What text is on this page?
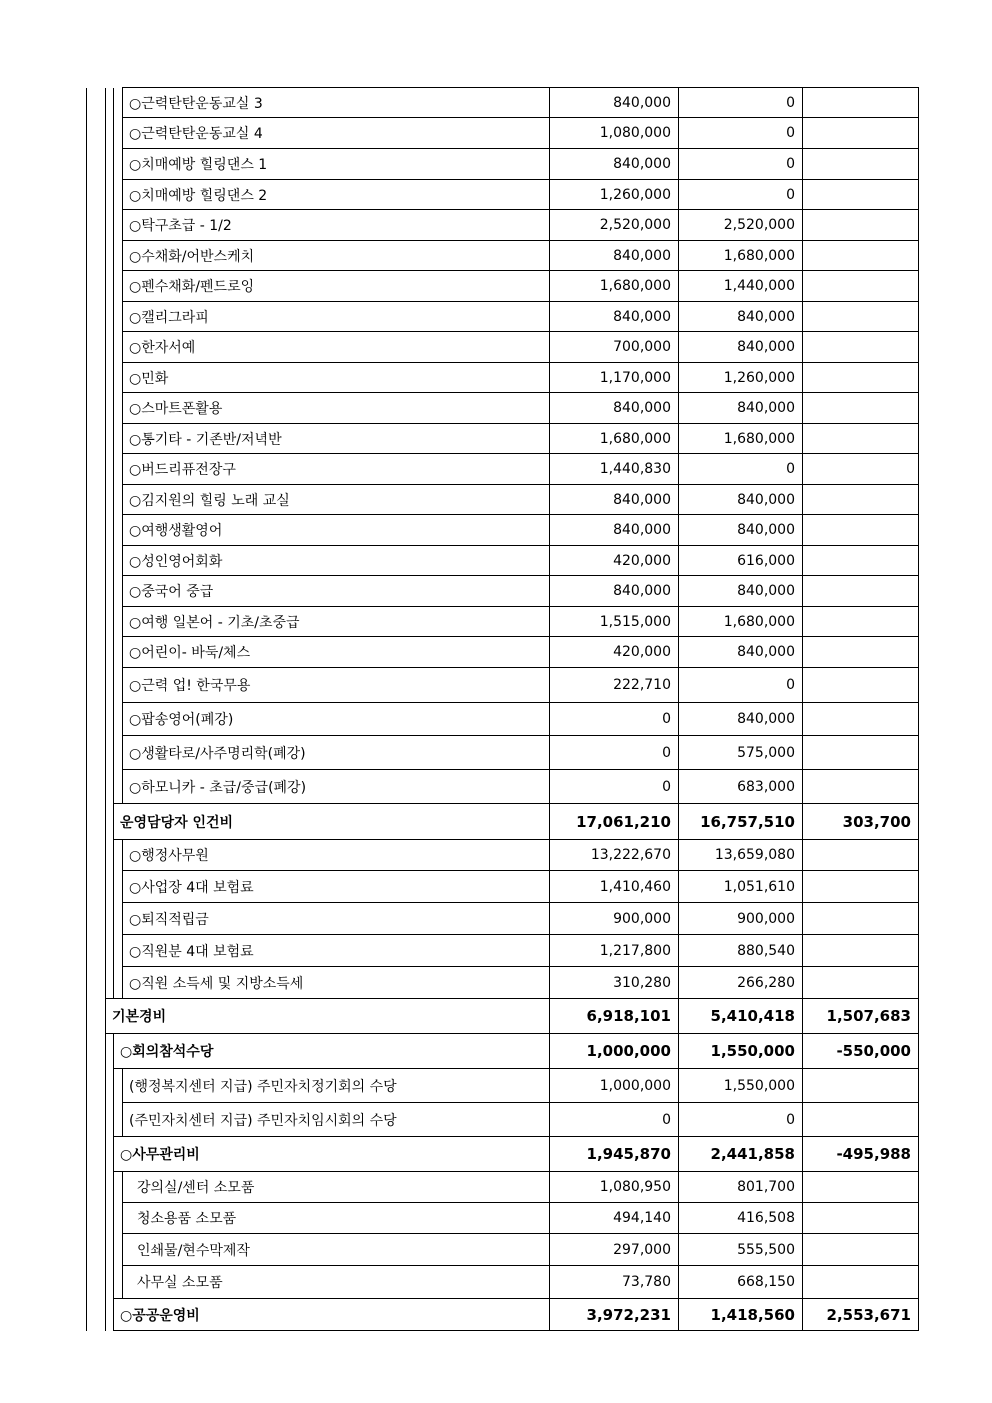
			○근력탄탄운동교실 3	840,000	0	
			○근력탄탄운동교실 4	1,080,000	0	
			○치매예방 힐링댄스 1	840,000	0	
			○치매예방 힐링댄스 2	1,260,000	0	
			○탁구초급 - 1/2	2,520,000	2,520,000	
			○수채화/어반스케치	840,000	1,680,000	
			○펜수채화/펜드로잉	1,680,000	1,440,000	
			○캘리그라피	840,000	840,000	
			○한자서예	700,000	840,000	
			○민화	1,170,000	1,260,000	
			○스마트폰활용	840,000	840,000	
			○통기타 - 기존반/저녁반	1,680,000	1,680,000	
			○버드리퓨전장구	1,440,830	0	
			○김지원의 힐링 노래 교실	840,000	840,000	
			○여행생활영어	840,000	840,000	
			○성인영어회화	420,000	616,000	
			○중국어 중급	840,000	840,000	
			○여행 일본어 - 기초/초중급	1,515,000	1,680,000	
			○어린이- 바둑/체스	420,000	840,000	
			○근력 업! 한국무용	222,710	0	
			○팝송영어(폐강)	0	840,000	
			○생활타로/사주명리학(폐강)	0	575,000	
			○하모니카 - 초급/중급(폐강)	0	683,000	
		운영담당자 인건비		17,061,210	16,757,510	303,700
			○행정사무원	13,222,670	13,659,080	
			○사업장 4대 보험료	1,410,460	1,051,610	
			○퇴직적립금	900,000	900,000	
			○직원분 4대 보험료	1,217,800	880,540	
			○직원 소득세 및 지방소득세	310,280	266,280	
	기본경비			6,918,101	5,410,418	1,507,683
		○회의참석수당		1,000,000	1,550,000	-550,000
			(행정복지센터 지급) 주민자치정기회의 수당	1,000,000	1,550,000	
			(주민자치센터 지급) 주민자치임시회의 수당	0	0	
		○사무관리비		1,945,870	2,441,858	-495,988
			강의실/센터 소모품	1,080,950	801,700	
			청소용품 소모품	494,140	416,508	
			인쇄물/현수막제작	297,000	555,500	
			사무실 소모품	73,780	668,150	
		○공공운영비		3,972,231	1,418,560	2,553,671
